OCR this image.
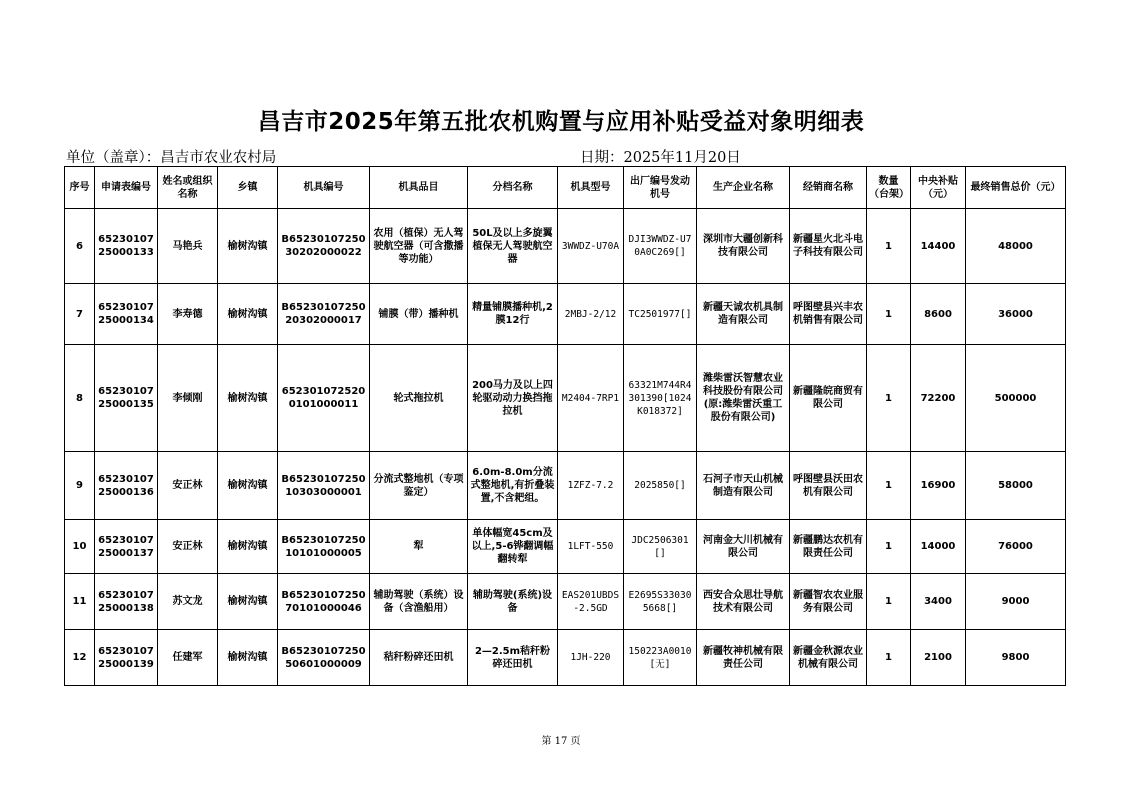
昌吉市2025年第五批农机购置与应用补贴受益对象明细表
单位（盖章）：昌吉市农业农村局	日期：2025年11月20日
序号	申请表编号	姓名或组织名称	乡镇	机具编号	机具品目	分档名称	机具型号	出厂编号发动机号	生产企业名称	经销商名称	数量（台架）	中央补贴（元）	最终销售总价（元）
6	6523010725000133	马艳兵	榆树沟镇	B6523010725030202000022	农用（植保）无人驾驶航空器（可含撒播等功能）	50L及以上多旋翼植保无人驾驶航空器	3WWDZ-U70A	DJI3WWDZ-U70A0C269[]	深圳市大疆创新科技有限公司	新疆星火北斗电子科技有限公司	1	14400	48000
7	6523010725000134	李寿德	榆树沟镇	B6523010725020302000017	铺膜（带）播种机	精量铺膜播种机,2膜12行	2MBJ-2/12	TC2501977[]	新疆天诚农机具制造有限公司	呼图壁县兴丰农机销售有限公司	1	8600	36000
8	6523010725000135	李倾刚	榆树沟镇	6523010725200101000011	轮式拖拉机	200马力及以上四轮驱动动力换挡拖拉机	M2404-7RP1	63321M744R4301390[1024K018372]	潍柴雷沃智慧农业科技股份有限公司(原:潍柴雷沃重工股份有限公司)	新疆隆皖商贸有限公司	1	72200	500000
9	6523010725000136	安正林	榆树沟镇	B6523010725010303000001	分流式整地机（专项鉴定）	6.0m-8.0m分流式整地机,有折叠装置,不含耙组。	1ZFZ-7.2	2025850[]	石河子市天山机械制造有限公司	呼图壁县沃田农机有限公司	1	16900	58000
10	6523010725000137	安正林	榆树沟镇	B6523010725010101000005	犁	单体幅宽45cm及以上,5-6铧翻调幅翻转犁	1LFT-550	JDC2506301[]	河南金大川机械有限公司	新疆鹏达农机有限责任公司	1	14000	76000
11	6523010725000138	苏文龙	榆树沟镇	B6523010725070101000046	辅助驾驶（系统）设备（含渔船用）	辅助驾驶(系统)设备	EAS201UBDS-2.5GD	E2695S330305668[]	西安合众思壮导航技术有限公司	新疆智农农业服务有限公司	1	3400	9000
12	6523010725000139	任建军	榆树沟镇	B6523010725050601000009	秸秆粉碎还田机	2—2.5m秸秆粉碎还田机	1JH-220	150223A0010[无]	新疆牧神机械有限责任公司	新疆金秋源农业机械有限公司	1	2100	9800
第 17 页
